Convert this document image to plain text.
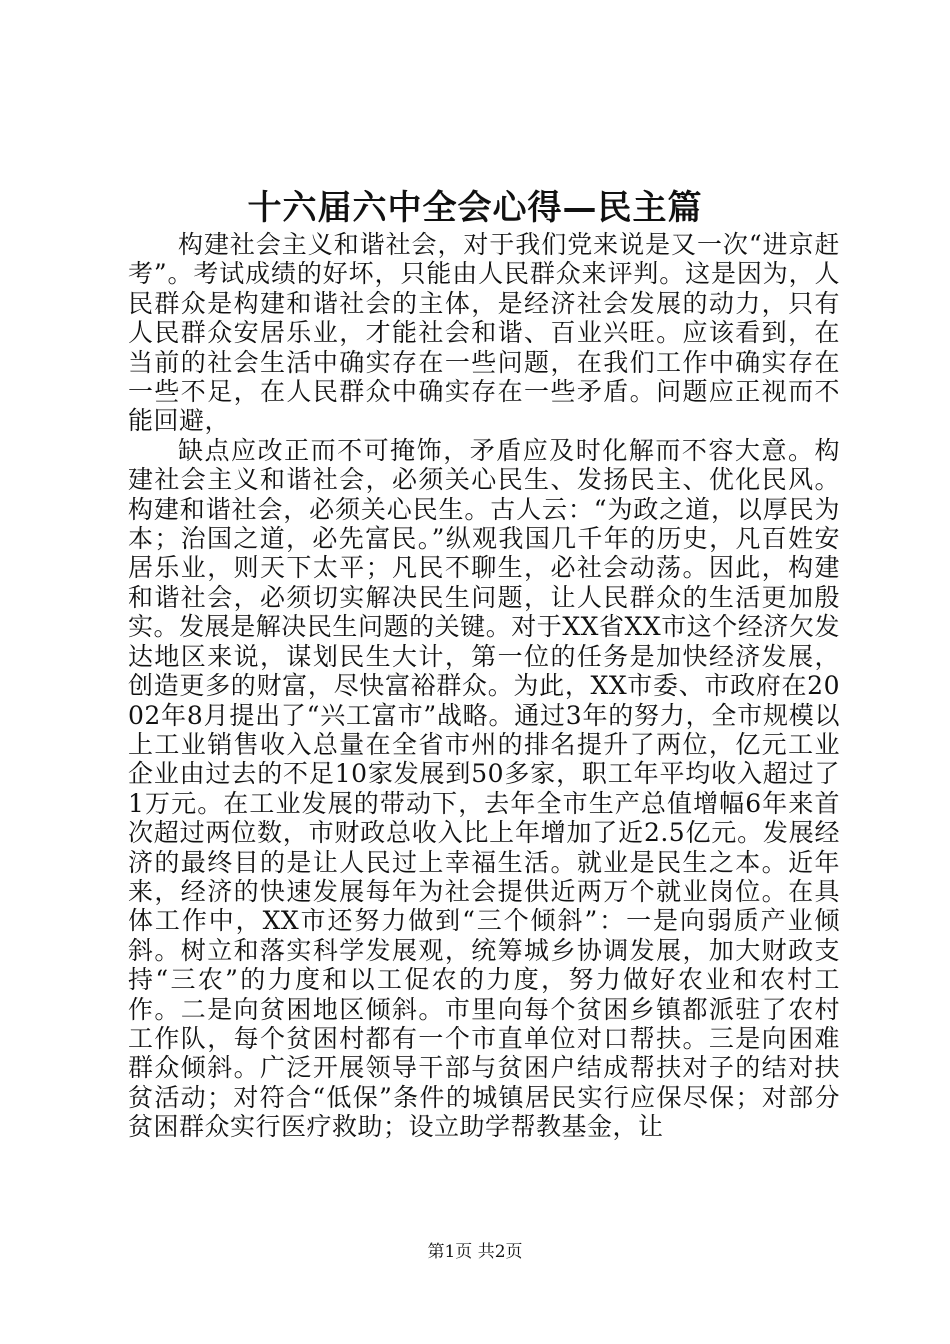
十六届六中全会心得—民主篇

构建社会主义和谐社会，对于我们党来说是又一次“进京赶考”。考试成绩的好坏，只能由人民群众来评判。这是因为，人民群众是构建和谐社会的主体，是经济社会发展的动力，只有人民群众安居乐业，才能社会和谐、百业兴旺。应该看到，在当前的社会生活中确实存在一些问题，在我们工作中确实存在一些不足，在人民群众中确实存在一些矛盾。问题应正视而不能回避，

缺点应改正而不可掩饰，矛盾应及时化解而不容大意。构建社会主义和谐社会，必须关心民生、发扬民主、优化民风。构建和谐社会，必须关心民生。古人云：“为政之道，以厚民为本；治国之道，必先富民。”纵观我国几千年的历史，凡百姓安居乐业，则天下太平；凡民不聊生，必社会动荡。因此，构建和谐社会，必须切实解决民生问题，让人民群众的生活更加殷实。发展是解决民生问题的关键。对于XX省XX市这个经济欠发达地区来说，谋划民生大计，第一位的任务是加快经济发展，创造更多的财富，尽快富裕群众。为此，XX市委、市政府在2002年8月提出了“兴工富市”战略。通过3年的努力，全市规模以上工业销售收入总量在全省市州的排名提升了两位，亿元工业企业由过去的不足10家发展到50多家，职工年平均收入超过了1万元。在工业发展的带动下，去年全市生产总值增幅6年来首次超过两位数，市财政总收入比上年增加了近2.5亿元。发展经济的最终目的是让人民过上幸福生活。就业是民生之本。近年来，经济的快速发展每年为社会提供近两万个就业岗位。在具体工作中，XX市还努力做到“三个倾斜”：一是向弱质产业倾斜。树立和落实科学发展观，统筹城乡协调发展，加大财政支持“三农”的力度和以工促农的力度，努力做好农业和农村工作。二是向贫困地区倾斜。市里向每个贫困乡镇都派驻了农村工作队，每个贫困村都有一个市直单位对口帮扶。三是向困难群众倾斜。广泛开展领导干部与贫困户结成帮扶对子的结对扶贫活动；对符合“低保”条件的城镇居民实行应保尽保；对部分贫困群众实行医疗救助；设立助学帮教基金，让

第1页 共2页
